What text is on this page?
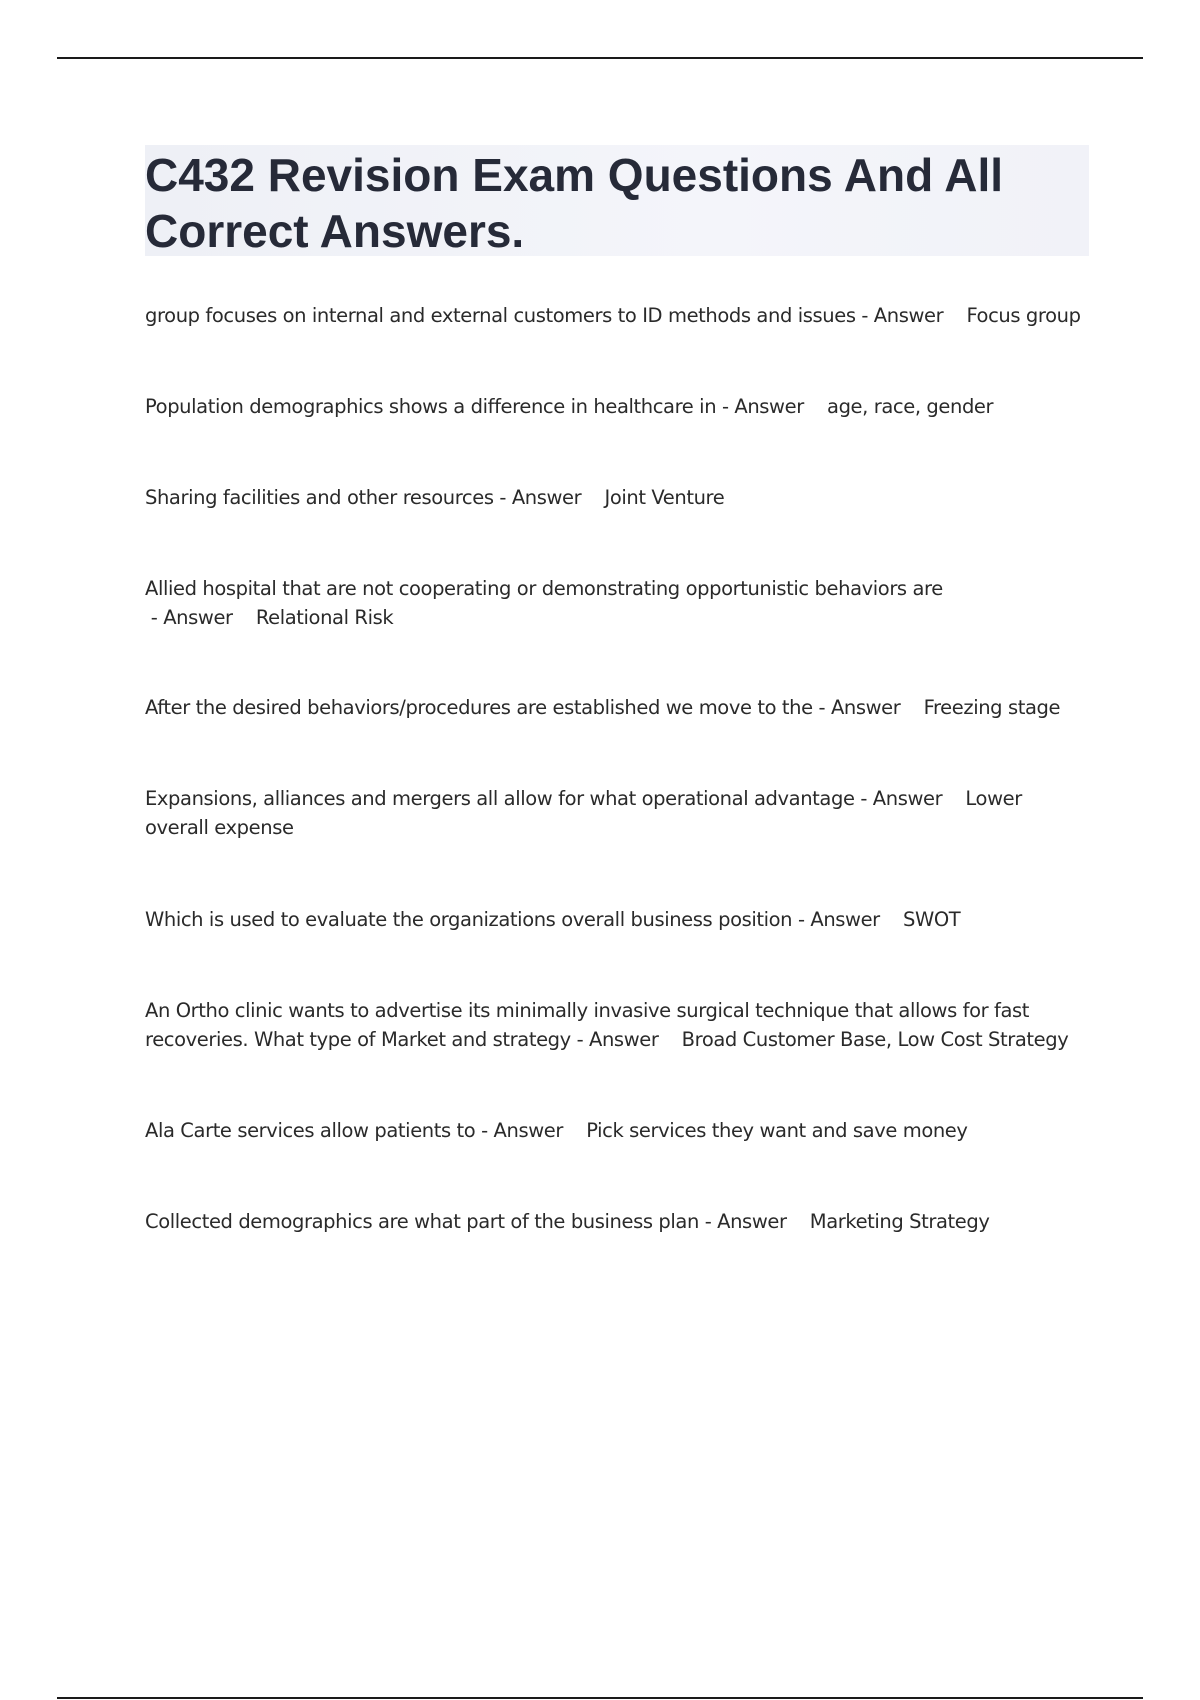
C432 Revision Exam Questions And All Correct Answers.
group focuses on internal and external customers to ID methods and issues - Answer    Focus group
Population demographics shows a difference in healthcare in - Answer    age, race, gender
Sharing facilities and other resources - Answer    Joint Venture
Allied hospital that are not cooperating or demonstrating opportunistic behaviors are - Answer    Relational Risk
After the desired behaviors/procedures are established we move to the - Answer    Freezing stage
Expansions, alliances and mergers all allow for what operational advantage - Answer    Lower overall expense
Which is used to evaluate the organizations overall business position - Answer    SWOT
An Ortho clinic wants to advertise its minimally invasive surgical technique that allows for fast recoveries. What type of Market and strategy - Answer    Broad Customer Base, Low Cost Strategy
Ala Carte services allow patients to - Answer    Pick services they want and save money
Collected demographics are what part of the business plan - Answer    Marketing Strategy
